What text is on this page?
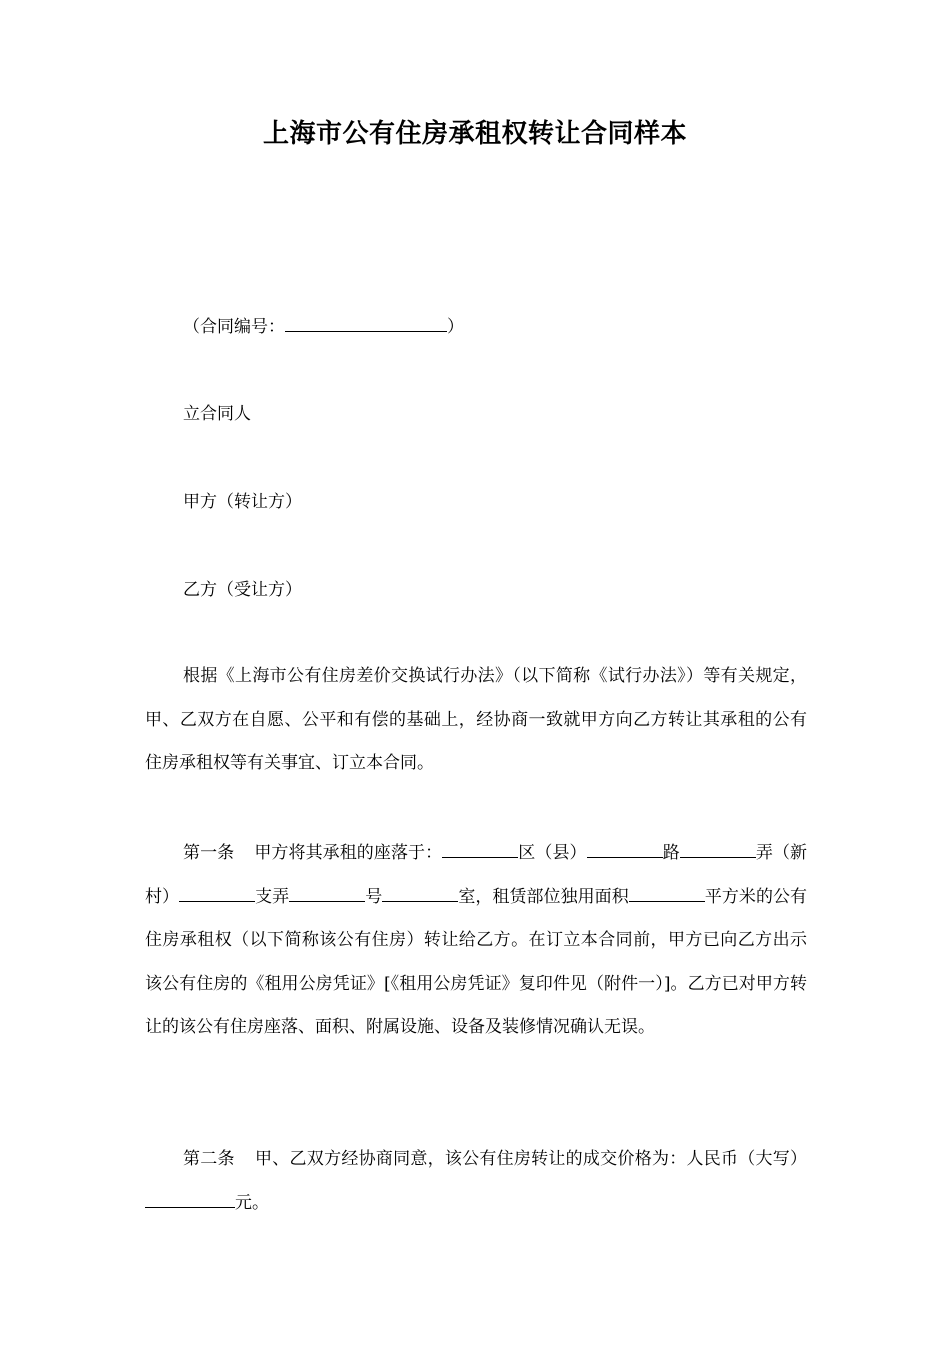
上海市公有住房承租权转让合同样本
（合同编号：	）
立合同人
甲方（转让方）
乙方（受让方）

根据《上海市公有住房差价交换试行办法》（以下简称《试行办法》）等有关规定，甲、乙双方在自愿、公平和有偿的基础上，经协商一致就甲方向乙方转让其承租的公有住房承租权等有关事宜、订立本合同。

第一条 甲方将其承租的座落于：	区（县）	路	弄（新村）	支弄	号	室，租赁部位独用面积	平方米的公有住房承租权（以下简称该公有住房）转让给乙方。在订立本合同前，甲方已向乙方出示该公有住房的《租用公房凭证》[《租用公房凭证》复印件见（附件一）]。乙方已对甲方转让的该公有住房座落、面积、附属设施、设备及装修情况确认无误。

第二条 甲、乙双方经协商同意，该公有住房转让的成交价格为：人民币（大写）元。
